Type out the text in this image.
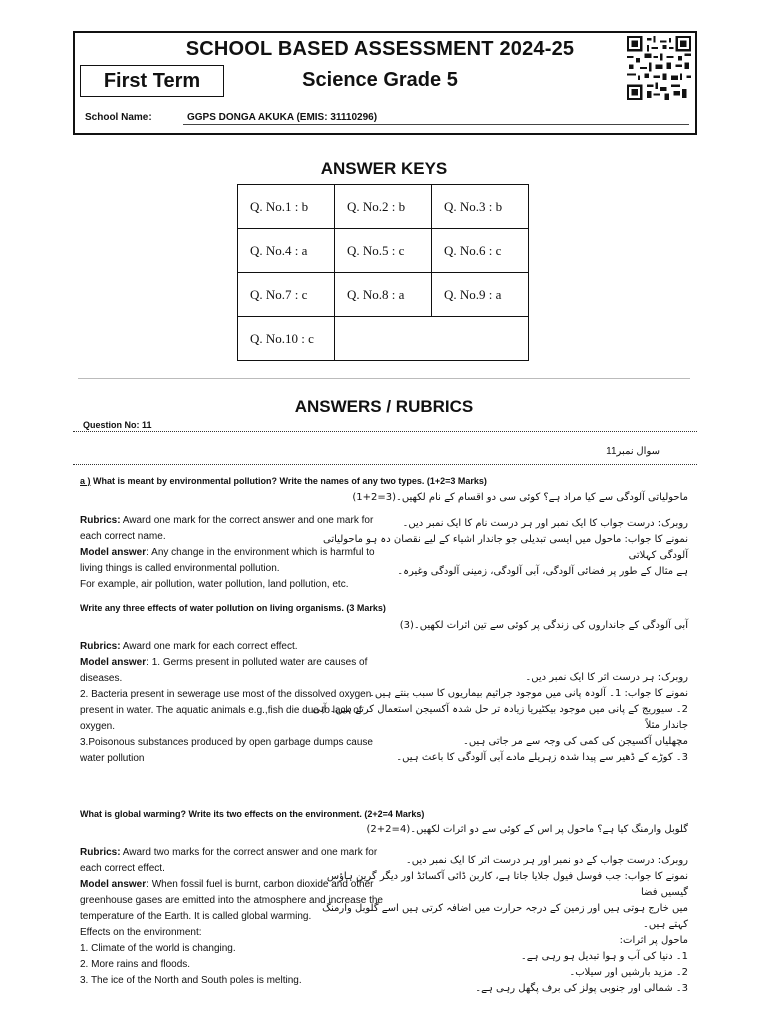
SCHOOL BASED ASSESSMENT 2024-25
First Term	Science Grade 5
School Name:	GGPS DONGA AKUKA (EMIS: 31110296)
ANSWER KEYS
Q. No.1 : b	Q. No.2 : b	Q. No.3 : b
Q. No.4 : a	Q. No.5 : c	Q. No.6 : c
Q. No.7 : c	Q. No.8 : a	Q. No.9 : a
Q. No.10 : c		
ANSWERS / RUBRICS
Question No: 11
سوال نمبر11
a ) What is meant by environmental pollution? Write the names of any two types. (1+2=3 Marks)
ماحولیاتی آلودگی سے کیا مراد ہے؟ کوئی سی دو اقسام کے نام لکھیں۔(3=2+1)
Rubrics: Award one mark for the correct answer and one mark for each correct name.
Model answer: Any change in the environment which is harmful to living things is called environmental pollution.
For example, air pollution, water pollution, land pollution, etc.
روبرک: درست جواب کا ایک نمبر اور ہر درست نام کا ایک نمبر دیں۔
نمونے کا جواب: ماحول میں ایسی تبدیلی جو جاندار اشیاء کے لیے نقصان دہ ہو ماحولیاتی آلودگی کہلاتی
ہے مثال کے طور پر فضائی آلودگی، آبی آلودگی، زمینی آلودگی وغیرہ۔
Write any three effects of water pollution on living organisms. (3 Marks)
آبی آلودگی کے جانداروں کی زندگی پر کوئی سے تین اثرات لکھیں۔(3)
Rubrics: Award one mark for each correct effect.
Model answer: 1. Germs present in polluted water are causes of diseases.
2. Bacteria present in sewerage use most of the dissolved oxygen present in water. The aquatic animals e.g.,fish die due to lack of oxygen.
3.Poisonous substances produced by open garbage dumps cause water pollution
روبرک: ہر درست اثر کا ایک نمبر دیں۔
نمونے کا جواب: 1۔ آلودہ پانی میں موجود جراثیم بیماریوں کا سبب بنتے ہیں۔
2۔ سیوریج کے پانی میں موجود بیکٹیریا زیادہ تر حل شدہ آکسیجن استعمال کرتے ہیں۔ آبی جاندار مثلاً
مچھلیاں آکسیجن کی کمی کی وجہ سے مر جاتی ہیں۔
3۔ کوڑے کے ڈھیر سے پیدا شدہ زہریلے مادے آبی آلودگی کا باعث ہیں۔
What is global warming? Write its two effects on the environment. (2+2=4 Marks)
گلوبل وارمنگ کیا ہے؟ ماحول پر اس کے کوئی سے دو اثرات لکھیں۔(4=2+2)
Rubrics: Award two marks for the correct answer and one mark for each correct effect.
Model answer: When fossil fuel is burnt, carbon dioxide and other greenhouse gases are emitted into the atmosphere and increase the temperature of the Earth. It is called global warming.
Effects on the environment:
1. Climate of the world is changing.
2. More rains and floods.
3. The ice of the North and South poles is melting.
روبرک: درست جواب کے دو نمبر اور ہر درست اثر کا ایک نمبر دیں۔
نمونے کا جواب: جب فوسل فیول جلایا جاتا ہے، کاربن ڈائی آکسائڈ اور دیگر گرین ہاؤس گیسیں فضا
میں خارج ہوتی ہیں اور زمین کے درجہ حرارت میں اضافہ کرتی ہیں اسے گلوبل وارمنگ کہتے ہیں۔
ماحول پر اثرات:
1۔ دنیا کی آب و ہوا تبدیل ہو رہی ہے۔
2۔ مزید بارشیں اور سیلاب۔
3۔ شمالی اور جنوبی پولز کی برف پگھل رہی ہے۔
